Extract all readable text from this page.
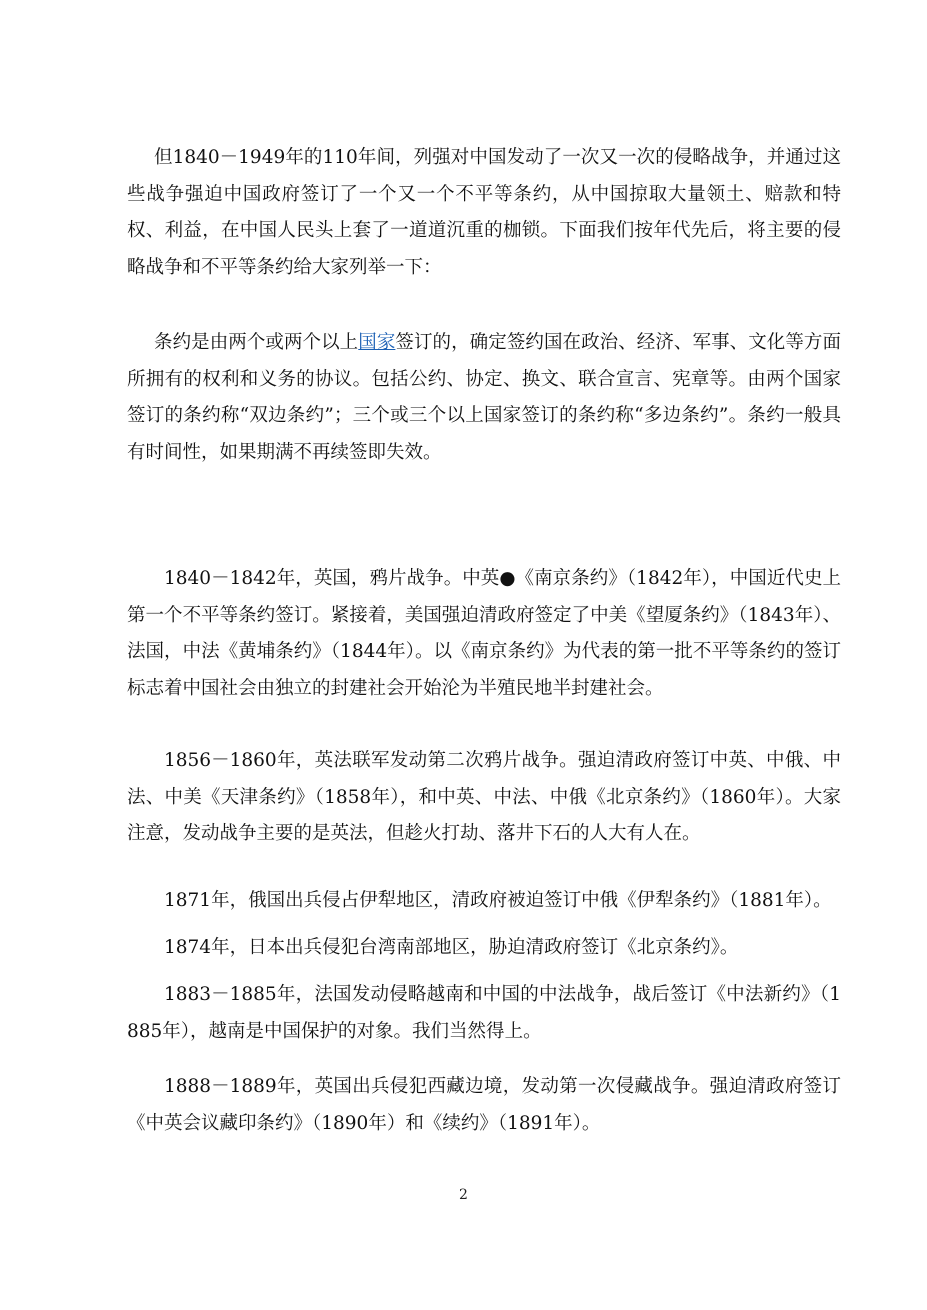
但1840－1949年的110年间，列强对中国发动了一次又一次的侵略战争，并通过这些战争强迫中国政府签订了一个又一个不平等条约，从中国掠取大量领土、赔款和特权、利益，在中国人民头上套了一道道沉重的枷锁。下面我们按年代先后，将主要的侵略战争和不平等条约给大家列举一下：

条约是由两个或两个以上国家签订的，确定签约国在政治、经济、军事、文化等方面所拥有的权利和义务的协议。包括公约、协定、换文、联合宣言、宪章等。由两个国家签订的条约称“双边条约”；三个或三个以上国家签订的条约称“多边条约”。条约一般具有时间性，如果期满不再续签即失效。

1840－1842年，英国，鸦片战争。中英●《南京条约》（1842年），中国近代史上第一个不平等条约签订。紧接着，美国强迫清政府签定了中美《望厦条约》（1843年）、法国，中法《黄埔条约》（1844年）。以《南京条约》为代表的第一批不平等条约的签订标志着中国社会由独立的封建社会开始沦为半殖民地半封建社会。

1856－1860年，英法联军发动第二次鸦片战争。强迫清政府签订中英、中俄、中法、中美《天津条约》（1858年），和中英、中法、中俄《北京条约》（1860年）。大家注意，发动战争主要的是英法，但趁火打劫、落井下石的人大有人在。

1871年，俄国出兵侵占伊犁地区，清政府被迫签订中俄《伊犁条约》（1881年）。

1874年，日本出兵侵犯台湾南部地区，胁迫清政府签订《北京条约》。

1883－1885年，法国发动侵略越南和中国的中法战争，战后签订《中法新约》（1885年），越南是中国保护的对象。我们当然得上。

1888－1889年，英国出兵侵犯西藏边境，发动第一次侵藏战争。强迫清政府签订《中英会议藏印条约》（1890年）和《续约》（1891年）。

2
